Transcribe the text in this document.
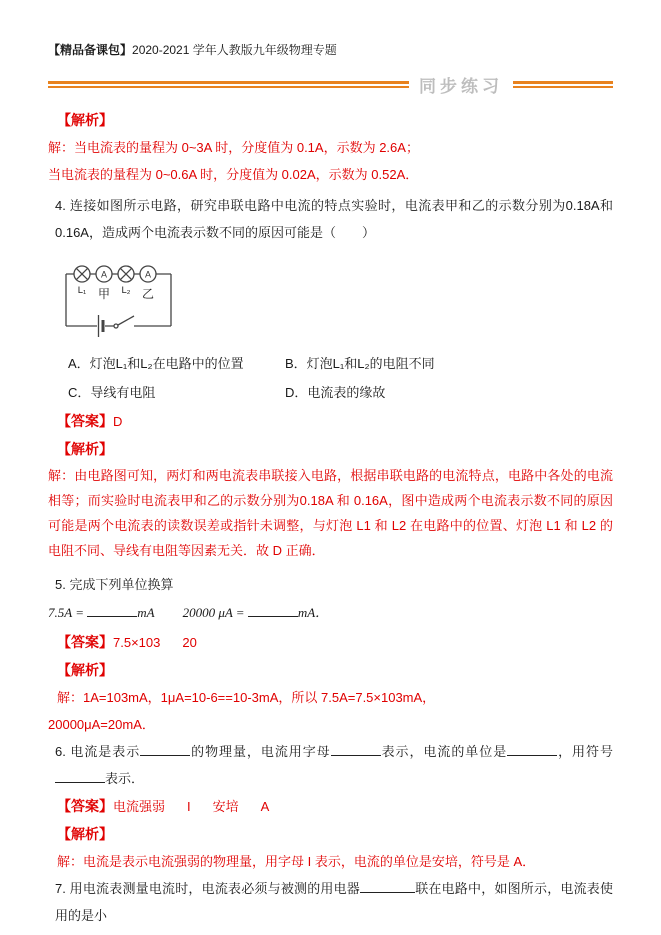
【精品备课包】2020-2021 学年人教版九年级物理专题
同步练习
【解析】
解：当电流表的量程为 0~3A 时，分度值为 0.1A，示数为 2.6A；
当电流表的量程为 0~0.6A 时，分度值为 0.02A，示数为 0.52A．
4. 连接如图所示电路，研究串联电路中电流的特点实验时，电流表甲和乙的示数分别为0.18A和0.16A，造成两个电流表示数不同的原因可能是（　　）
A	A
L₁ 甲 L₂ 乙
A．灯泡L₁和L₂在电路中的位置	B．灯泡L₁和L₂的电阻不同
C．导线有电阻	D．电流表的缘故
【答案】D
【解析】
解：由电路图可知，两灯和两电流表串联接入电路，根据串联电路的电流特点，电路中各处的电流相等；而实验时电流表甲和乙的示数分别为0.18A 和 0.16A，图中造成两个电流表示数不同的原因可能是两个电流表的读数误差或指针未调整，与灯泡 L1 和 L2 在电路中的位置、灯泡 L1 和 L2 的电阻不同、导线有电阻等因素无关．故 D 正确．
5. 完成下列单位换算
7.5A =	mA 20000 μA =	mA．
【答案】7.5×103 20
【解析】
解：1A=103mA，1μA=10-6==10-3mA，所以 7.5A=7.5×103mA，
20000μA=20mA．
6. 电流是表示	的物理量，电流用字母	表示，电流的单位是	，用符号表示．
【答案】电流强弱 I 安培 A
【解析】
解：电流是表示电流强弱的物理量，用字母 I 表示，电流的单位是安培，符号是 A．
7. 用电流表测量电流时，电流表必须与被测的用电器	联在电路中，如图所示，电流表使用的是小
